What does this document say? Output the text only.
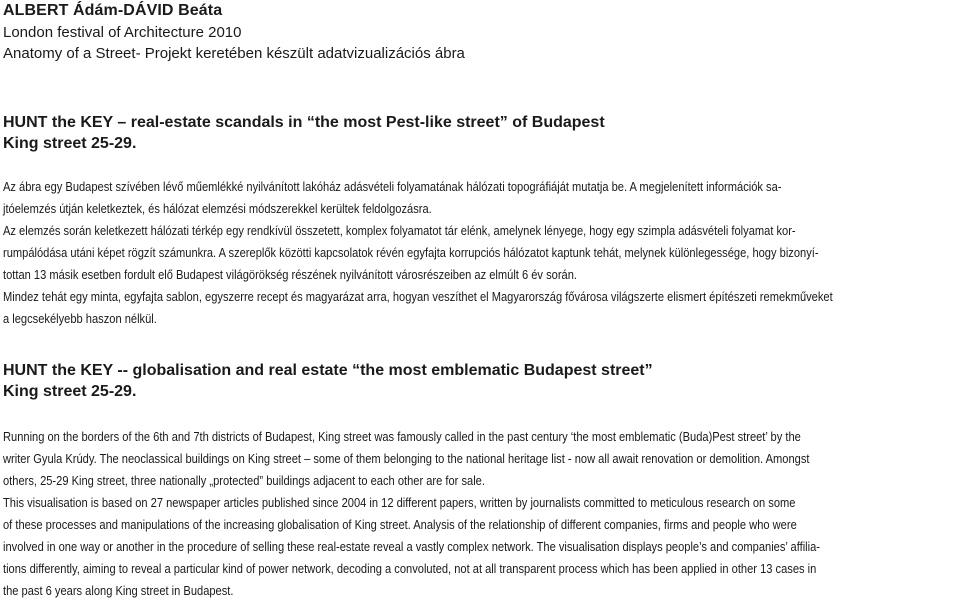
ALBERT Ádám-DÁVID Beáta
London festival of Architecture 2010
Anatomy of a Street- Projekt keretében készült adatvizualizációs ábra
HUNT the KEY – real-estate scandals in “the most Pest-like street” of Budapest
King street 25-29.
Az ábra egy Budapest szívében lévő műemlékké nyilvánított lakóház adásvételi folyamatának hálózati topográfiáját mutatja be. A megjelenített információk sa-
jtóelemzés útján keletkeztek, és hálózat elemzési módszerekkel kerültek feldolgozásra.
Az elemzés során keletkezett hálózati térkép egy rendkívül összetett, komplex folyamatot tár elénk, amelynek lényege, hogy egy szimpla adásvételi folyamat kor-
rumpálódása utáni képet rögzít számunkra. A szereplők közötti kapcsolatok révén egyfajta korrupciós hálózatot kaptunk tehát, melynek különlegessége, hogy bizonyí-
tottan 13 másik esetben fordult elő Budapest világörökség részének nyilvánított városrészeiben az elmúlt 6 év során.
Mindez tehát egy minta, egyfajta sablon, egyszerre recept és magyarázat arra, hogyan veszíthet el Magyarország fővárosa világszerte elismert építészeti remekműveket
a legcsekélyebb haszon nélkül.
HUNT the KEY -- globalisation and real estate “the most emblematic Budapest street”
King street 25-29.
Running on the borders of the 6th and 7th districts of Budapest, King street was famously called in the past century ‘the most emblematic (Buda)Pest street’ by the
writer Gyula Krúdy. The neoclassical buildings on King street – some of them belonging to the national heritage list - now all await renovation or demolition. Amongst
others, 25-29 King street, three nationally „protected” buildings adjacent to each other are for sale.
This visualisation is based on 27 newspaper articles published since 2004 in 12 different papers, written by journalists committed to meticulous research on some
of these processes and manipulations of the increasing globalisation of King street. Analysis of the relationship of different companies, firms and people who were
involved in one way or another in the procedure of selling these real-estate reveal a vastly complex network. The visualisation displays people’s and companies’ affilia-
tions differently, aiming to reveal a particular kind of power network, decoding a convoluted, not at all transparent process which has been applied in other 13 cases in
the past 6 years along King street in Budapest.
